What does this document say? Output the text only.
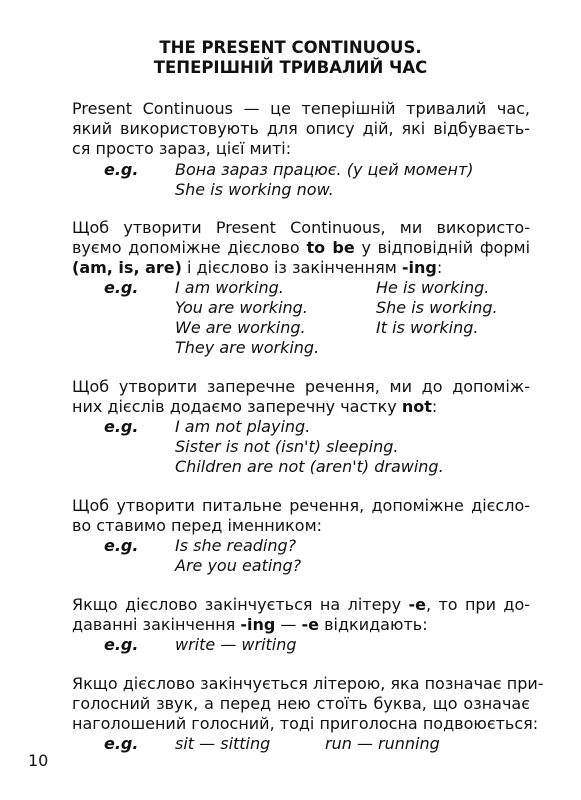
THE PRESENT CONTINUOUS.
ТЕПЕРІШНІЙ ТРИВАЛИЙ ЧАС
Present Continuous — це теперішній тривалий час,
який використовують для опису дій, які відбуваєть-
ся просто зараз, цієї миті:
e.g. Вона зараз працює. (у цей момент)
She is working now.
Щоб утворити Present Continuous, ми використо-
вуємо допоміжне дієслово to be у відповідній формі
(am, is, are) і дієслово із закінченням -ing:
e.g. I am working.	He is working.
You are working.	She is working.
We are working.	It is working.
They are working.
Щоб утворити заперечне речення, ми до допоміж-
них дієслів додаємо заперечну частку not:
e.g. I am not playing.
Sister is not (isn't) sleeping.
Children are not (aren't) drawing.
Щоб утворити питальне речення, допоміжне дієсло-
во ставимо перед іменником:
e.g. Is she reading?
Are you eating?
Якщо дієслово закінчується на літеру -е, то при до-
даванні закінчення -ing — -е відкидають:
e.g. write — writing
Якщо дієслово закінчується літерою, яка позначає при-
голосний звук, а перед нею стоїть буква, що означає
наголошений голосний, тоді приголосна подвоюється:
e.g. sit — sitting	run — running
10
